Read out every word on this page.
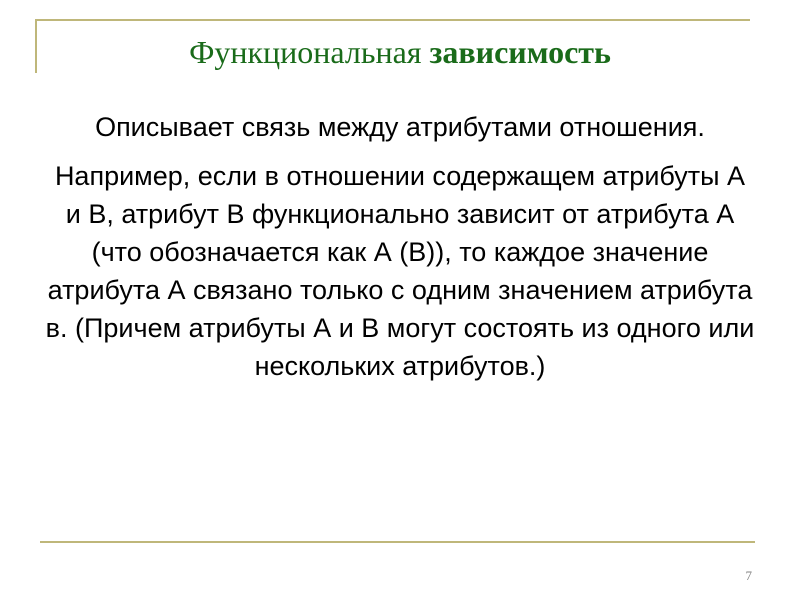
Функциональная зависимость

Описывает связь между атрибутами отношения.

Например, если в отношении содержащем атрибуты А и В, атрибут В функционально зависит от атрибута А (что обозначается как А (В)), то каждое значение атрибута А связано только с одним значением атрибута в. (Причем атрибуты А и В могут состоять из одного или нескольких атрибутов.)

7
